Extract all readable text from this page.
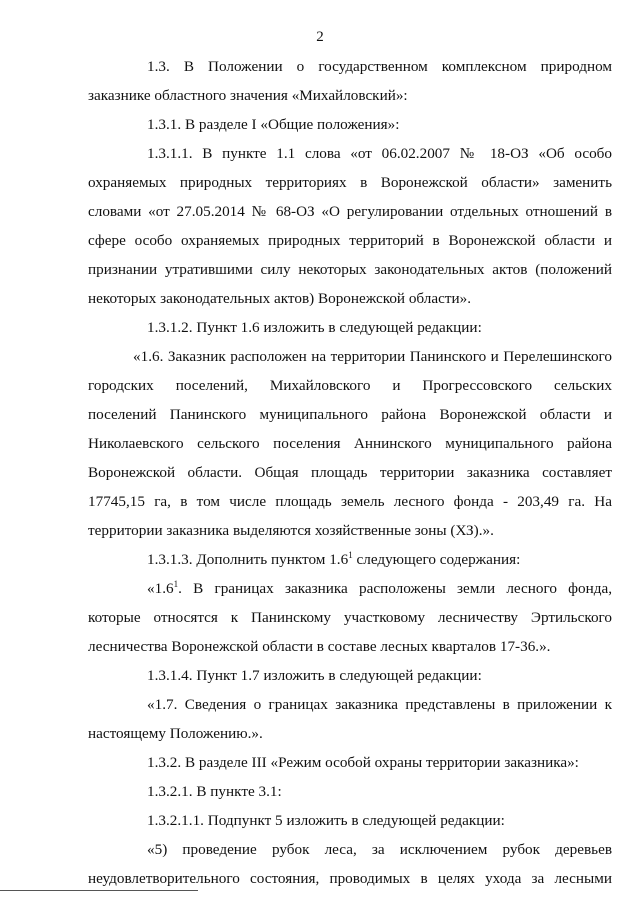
2
1.3. В Положении о государственном комплексном природном
заказнике областного значения «Михайловский»:
1.3.1. В разделе I «Общие положения»:
1.3.1.1. В пункте 1.1 слова «от 06.02.2007 № 18-ОЗ «Об особо
охраняемых природных территориях в Воронежской области» заменить
словами «от 27.05.2014 № 68-ОЗ «О регулировании отдельных отношений в
сфере особо охраняемых природных территорий в Воронежской области и
признании утратившими силу некоторых законодательных актов (положений
некоторых законодательных актов) Воронежской области».
1.3.1.2. Пункт 1.6 изложить в следующей редакции:
«1.6. Заказник расположен на территории Панинского и Перелешинского
городских поселений, Михайловского и Прогрессовского сельских
поселений Панинского муниципального района Воронежской области и
Николаевского сельского поселения Аннинского муниципального района
Воронежской области. Общая площадь территории заказника составляет
17745,15 га, в том числе площадь земель лесного фонда - 203,49 га. На
территории заказника выделяются хозяйственные зоны (ХЗ).».
1.3.1.3. Дополнить пунктом $1.6^1$ следующего содержания:
«$1.6^1$. В границах заказника расположены земли лесного фонда,
которые относятся к Панинскому участковому лесничеству Эртильского
лесничества Воронежской области в составе лесных кварталов 17-36.».
1.3.1.4. Пункт 1.7 изложить в следующей редакции:
«1.7. Сведения о границах заказника представлены в приложении к
настоящему Положению.».
1.3.2. В разделе III «Режим особой охраны территории заказника»:
1.3.2.1. В пункте 3.1:
1.3.2.1.1. Подпункт 5 изложить в следующей редакции:
«5) проведение рубок леса, за исключением рубок деревьев
неудовлетворительного состояния, проводимых в целях ухода за лесными
